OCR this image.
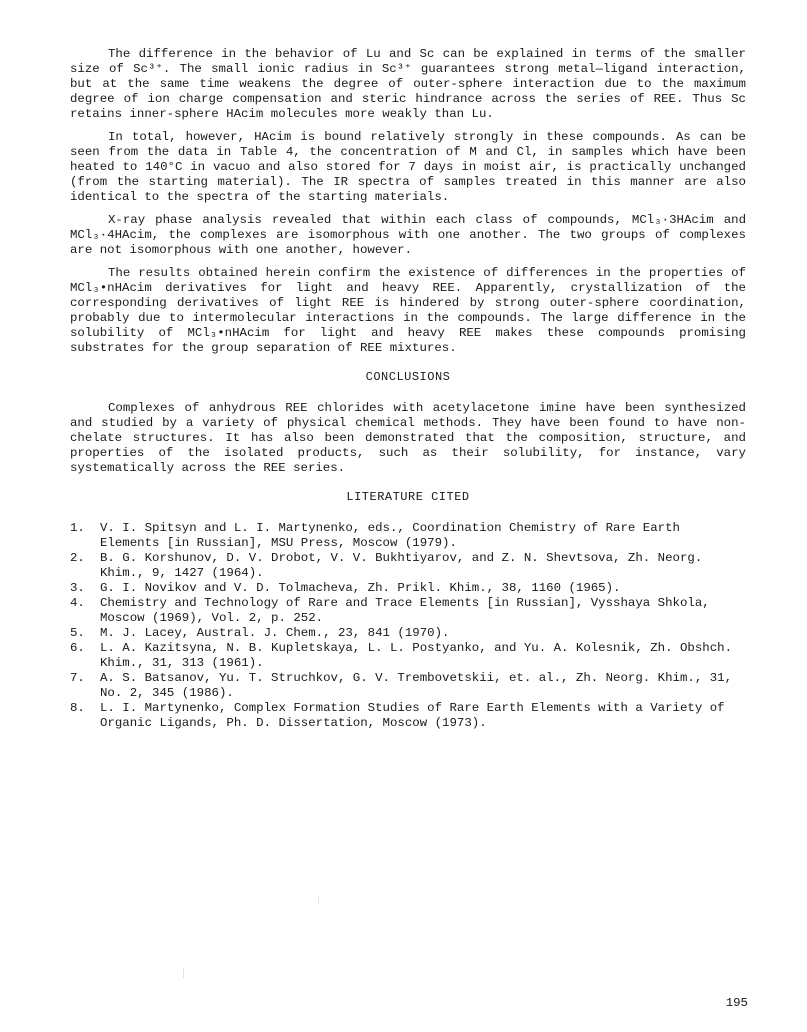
The difference in the behavior of Lu and Sc can be explained in terms of the smaller size of Sc³⁺. The small ionic radius in Sc³⁺ guarantees strong metal—ligand interaction, but at the same time weakens the degree of outer-sphere interaction due to the maximum degree of ion charge compensation and steric hindrance across the series of REE. Thus Sc retains inner-sphere HAcim molecules more weakly than Lu.

In total, however, HAcim is bound relatively strongly in these compounds. As can be seen from the data in Table 4, the concentration of M and Cl, in samples which have been heated to 140°C in vacuo and also stored for 7 days in moist air, is practically unchanged (from the starting material). The IR spectra of samples treated in this manner are also identical to the spectra of the starting materials.

X-ray phase analysis revealed that within each class of compounds, MCl₃·3HAcim and MCl₃·4HAcim, the complexes are isomorphous with one another. The two groups of complexes are not isomorphous with one another, however.

The results obtained herein confirm the existence of differences in the properties of MCl₃•nHAcim derivatives for light and heavy REE. Apparently, crystallization of the corresponding derivatives of light REE is hindered by strong outer-sphere coordination, probably due to intermolecular interactions in the compounds. The large difference in the solubility of MCl₃•nHAcim for light and heavy REE makes these compounds promising substrates for the group separation of REE mixtures.

CONCLUSIONS

Complexes of anhydrous REE chlorides with acetylacetone imine have been synthesized and studied by a variety of physical chemical methods. They have been found to have non-chelate structures. It has also been demonstrated that the composition, structure, and properties of the isolated products, such as their solubility, for instance, vary systematically across the REE series.

LITERATURE CITED
1. V. I. Spitsyn and L. I. Martynenko, eds., Coordination Chemistry of Rare Earth Elements [in Russian], MSU Press, Moscow (1979).
2. B. G. Korshunov, D. V. Drobot, V. V. Bukhtiyarov, and Z. N. Shevtsova, Zh. Neorg. Khim., 9, 1427 (1964).
3. G. I. Novikov and V. D. Tolmacheva, Zh. Prikl. Khim., 38, 1160 (1965).
4. Chemistry and Technology of Rare and Trace Elements [in Russian], Vysshaya Shkola, Moscow (1969), Vol. 2, p. 252.
5. M. J. Lacey, Austral. J. Chem., 23, 841 (1970).
6. L. A. Kazitsyna, N. B. Kupletskaya, L. L. Postyanko, and Yu. A. Kolesnik, Zh. Obshch. Khim., 31, 313 (1961).
7. A. S. Batsanov, Yu. T. Struchkov, G. V. Trembovetskii, et. al., Zh. Neorg. Khim., 31, No. 2, 345 (1986).
8. L. I. Martynenko, Complex Formation Studies of Rare Earth Elements with a Variety of Organic Ligands, Ph. D. Dissertation, Moscow (1973).
195
